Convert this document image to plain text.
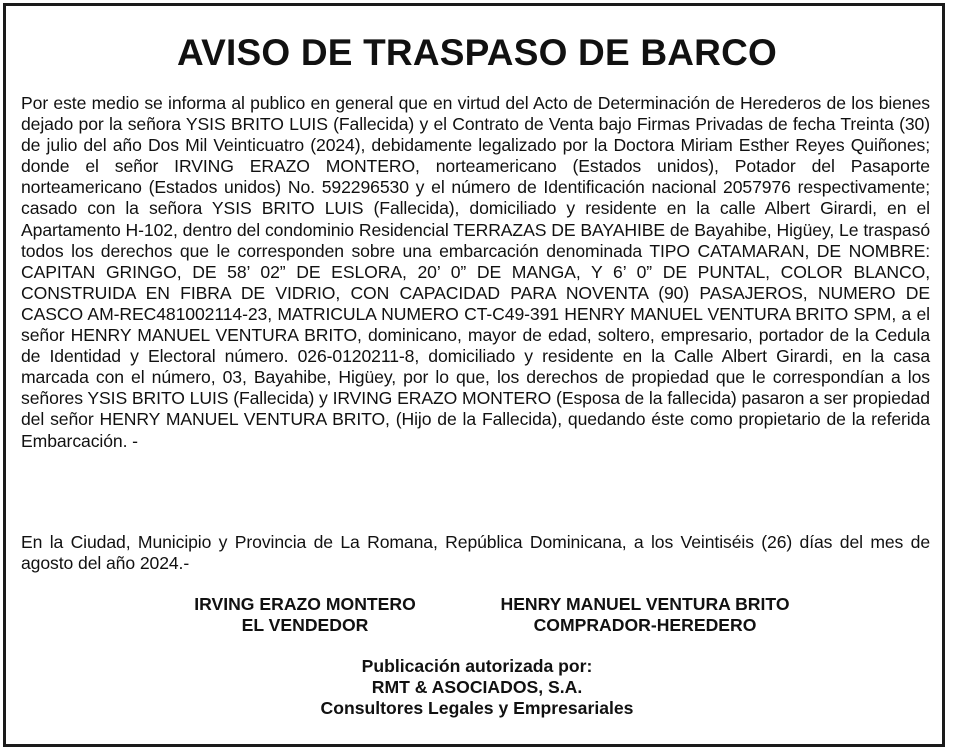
AVISO DE TRASPASO DE BARCO

Por este medio se informa al publico en general que en virtud del Acto de Determinación de Herederos de los bienes dejado por la señora YSIS BRITO LUIS (Fallecida) y el Contrato de Venta bajo Firmas Privadas de fecha Treinta (30) de julio del año Dos Mil Veinticuatro (2024), debidamente legalizado por la Doctora Miriam Esther Reyes Quiñones; donde el señor IRVING ERAZO MONTERO, norteamericano (Estados unidos), Potador del Pasaporte norteamericano (Estados unidos) No. 592296530 y el número de Identificación nacional 2057976 respectivamente; casado con la señora YSIS BRITO LUIS (Fallecida), domiciliado y residente en la calle Albert Girardi, en el Apartamento H-102, dentro del condominio Residencial TERRAZAS DE BAYAHIBE de Bayahibe, Higüey, Le traspasó todos los derechos que le corresponden sobre una embarcación denominada TIPO CATAMARAN, DE NOMBRE: CAPITAN GRINGO, DE 58’ 02” DE ESLORA, 20’ 0” DE MANGA, Y 6’ 0” DE PUNTAL, COLOR BLANCO, CONSTRUIDA EN FIBRA DE VIDRIO, CON CAPACIDAD PARA NOVENTA (90) PASAJEROS, NUMERO DE CASCO AM-REC481002114-23, MATRICULA NUMERO CT-C49-391 HENRY MANUEL VENTURA BRITO SPM, a el señor HENRY MANUEL VENTURA BRITO, dominicano, mayor de edad, soltero, empresario, portador de la Cedula de Identidad y Electoral número. 026-0120211-8, domiciliado y residente en la Calle Albert Girardi, en la casa marcada con el número, 03, Bayahibe, Higüey, por lo que, los derechos de propiedad que le correspondían a los señores YSIS BRITO LUIS (Fallecida) y IRVING ERAZO MONTERO (Esposa de la fallecida) pasaron a ser propiedad del señor HENRY MANUEL VENTURA BRITO, (Hijo de la Fallecida), quedando éste como propietario de la referida Embarcación. -

En la Ciudad, Municipio y Provincia de La Romana, República Dominicana, a los Veintiséis (26) días del mes de agosto del año 2024.-

IRVING ERAZO MONTERO
EL VENDEDOR
HENRY MANUEL VENTURA BRITO
COMPRADOR-HEREDERO
Publicación autorizada por:
RMT & ASOCIADOS, S.A.
Consultores Legales y Empresariales
